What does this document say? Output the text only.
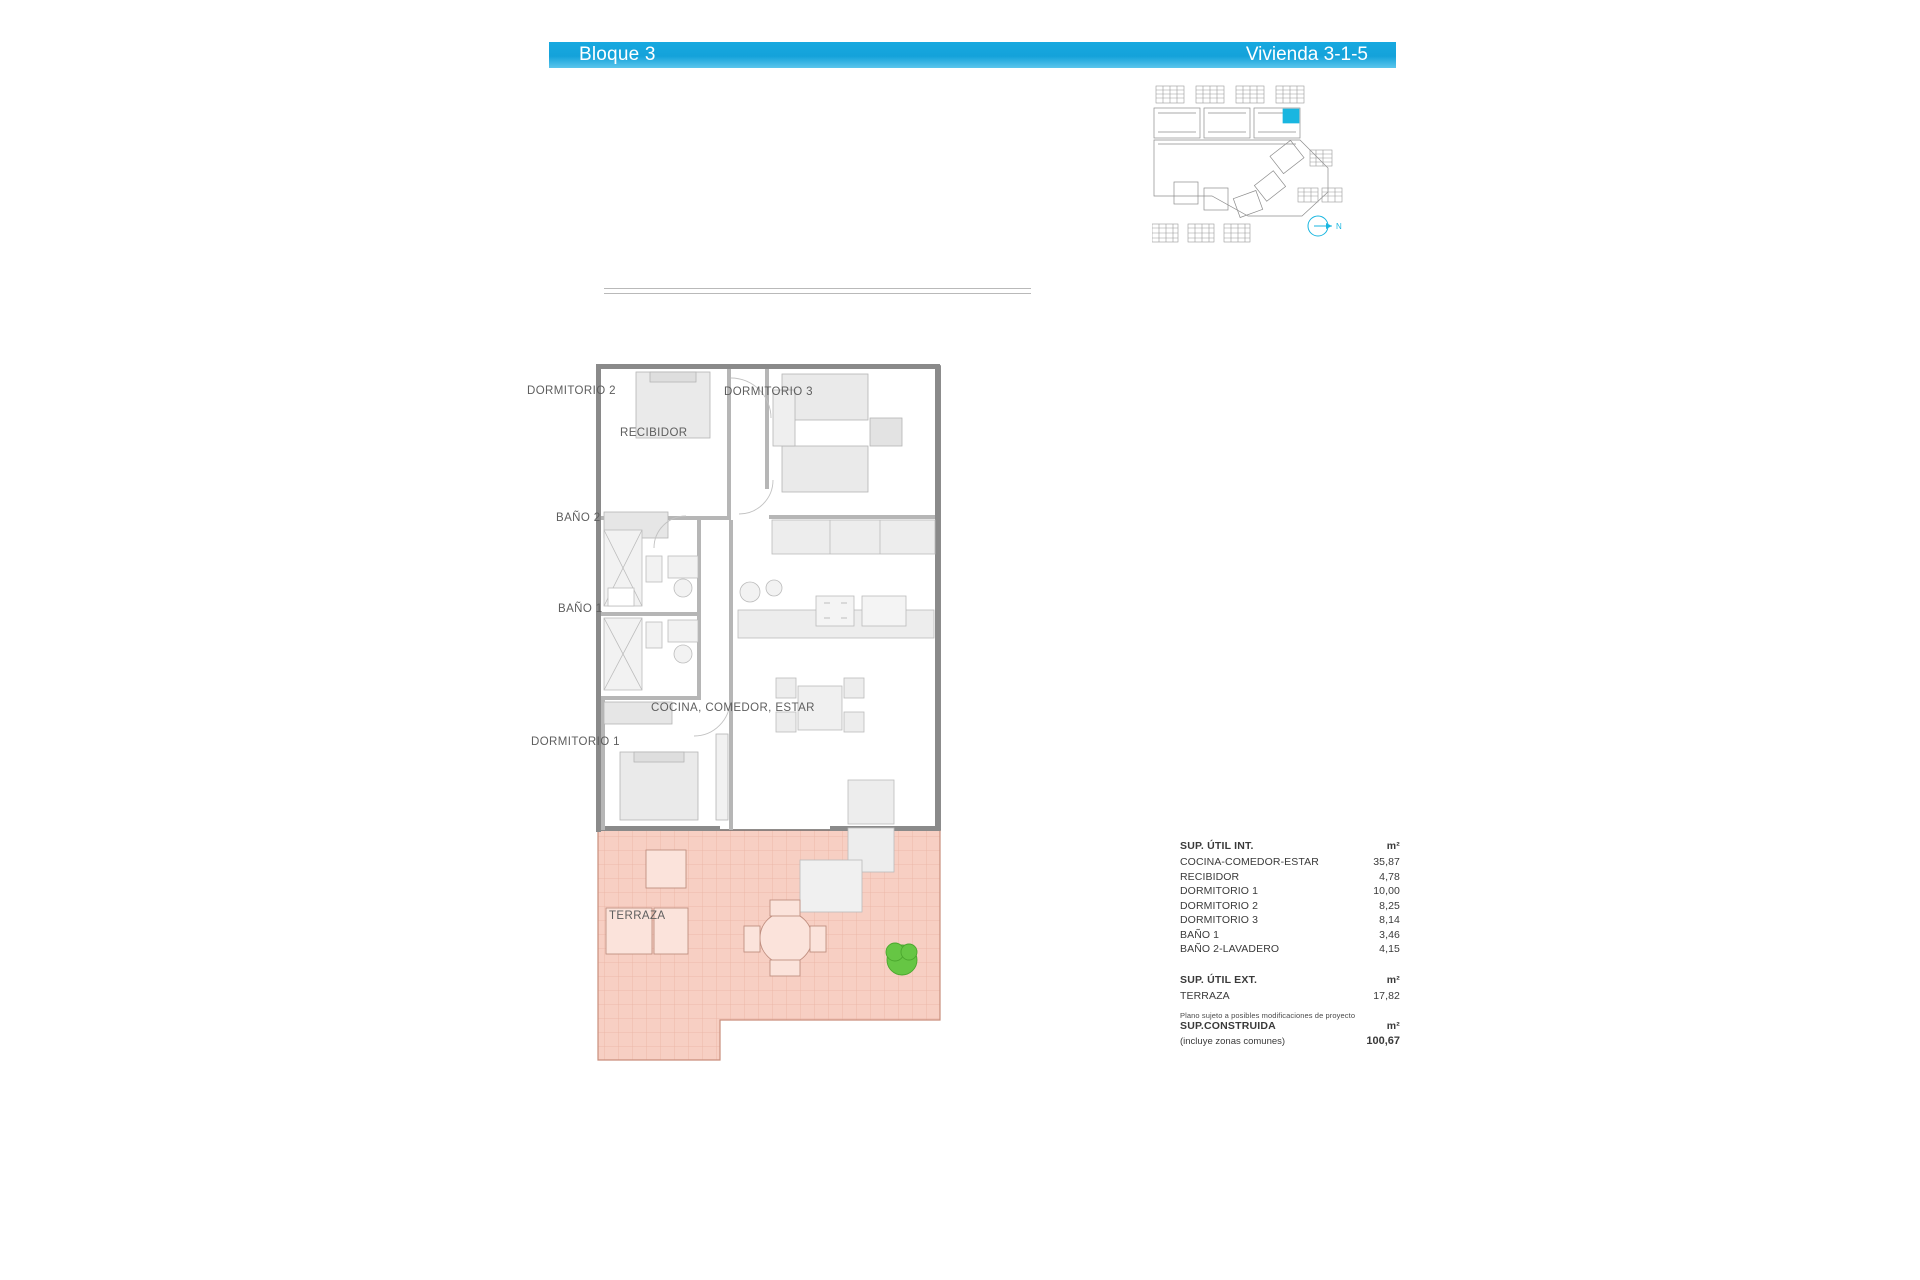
Bloque 3	Vivienda 3-1-5
N
DORMITORIO 2	DORMITORIO 3
RECIBIDOR
BAÑO 2
BAÑO 1
COCINA, COMEDOR, ESTAR
DORMITORIO 1
TERRAZA
SUP. ÚTIL INT.	m²
COCINA-COMEDOR-ESTAR	35,87
RECIBIDOR	4,78
DORMITORIO 1	10,00
DORMITORIO 2	8,25
DORMITORIO 3	8,14
BAÑO 1	3,46
BAÑO 2-LAVADERO	4,15
SUP. ÚTIL EXT.	m²
TERRAZA	17,82
SUP.CONSTRUIDA	m²
(incluye zonas comunes)	100,67
Plano sujeto a posibles modificaciones de proyecto
